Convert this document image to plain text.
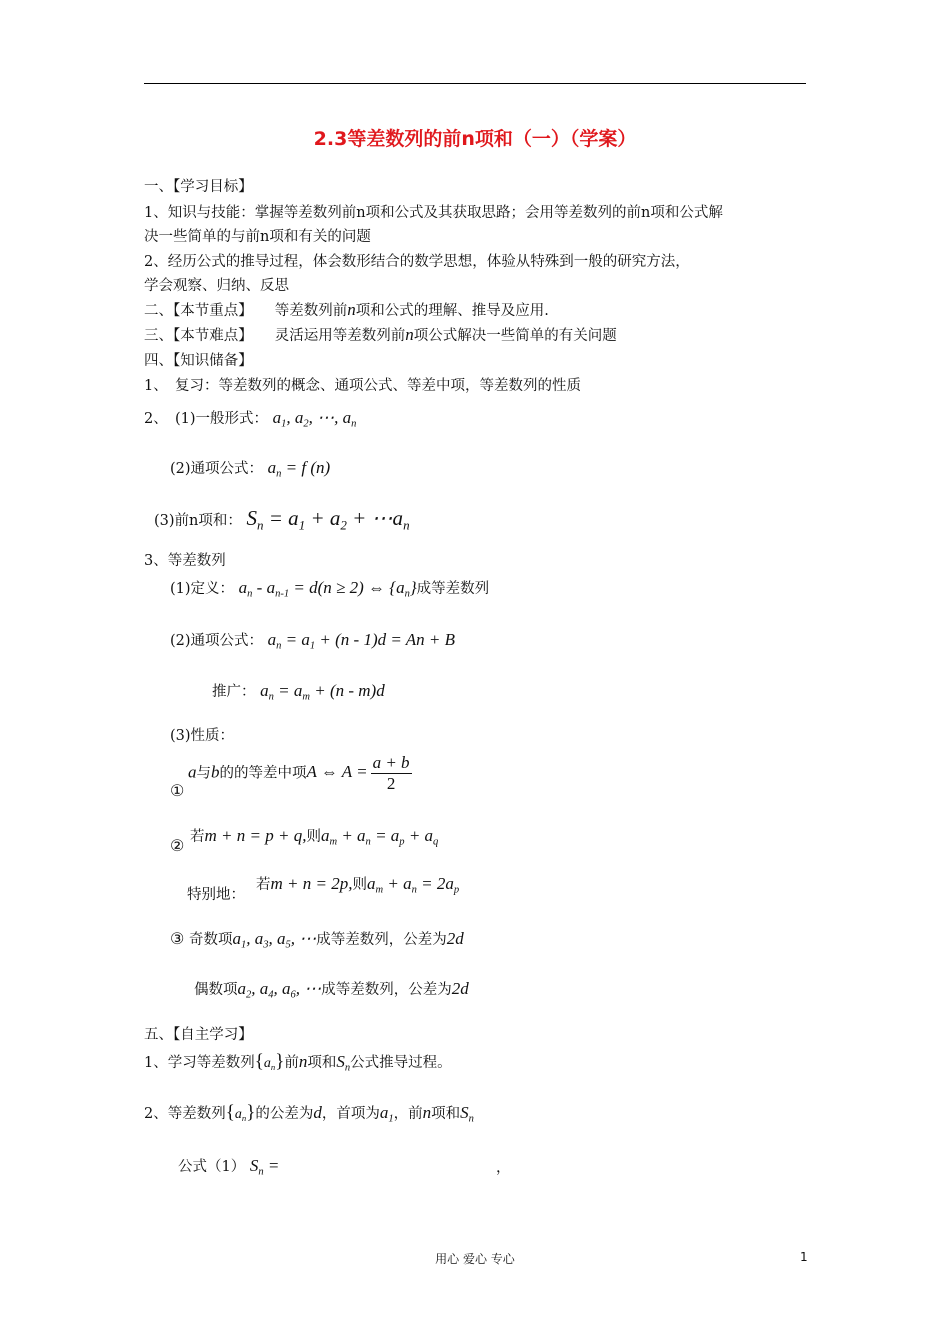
2.3等差数列的前n项和（一）（学案）
一、【学习目标】
1、知识与技能：掌握等差数列前n项和公式及其获取思路；会用等差数列的前n项和公式解
决一些简单的与前n项和有关的问题
2、经历公式的推导过程，体会数形结合的数学思想，体验从特殊到一般的研究方法，
学会观察、归纳、反思
二、【本节重点】 等差数列前n项和公式的理解、推导及应用.
三、【本节难点】 灵活运用等差数列前n项公式解决一些简单的有关问题
四、【知识储备】
1、　复习：等差数列的概念、通项公式、等差中项，等差数列的性质
2、　(1)一般形式： $a_1$, $a_2$, ⋯, $a_n$
(2)通项公式： $a_n = f$ (n)
(3)前n项和： $S_n = a_1 + a_2$ + $\cdots a_n$
3、等差数列
(1)定义： $a_n - a_{n-1} = d(n \ge 2)$ ⇔ $\{a_n\}$成等差数列
(2)通项公式： $a_n = a_1 + (n - 1)d = An + B$
推广： $a_n = a_m + (n - m)d$
(3)性质：
a与b的的等差中项A ⇔ $A = \frac{a + b}{2}$
①
若m + n = p + q,则$a_m + a_n = a_p + a_q$
②
特别地：
若m + n = 2p,则$a_m + a_n = 2a_p$
③ 奇数项$a_1$, $a_3$, $a_5$, ⋯成等差数列，公差为2d
偶数项$a_2$, $a_4$, $a_6$, ⋯成等差数列，公差为2d
五、【自主学习】
1、学习等差数列$\{a_n\}$前n项和$S_n$公式推导过程。
2、等差数列$\{a_n\}$的公差为d，首项为$a_1$，前n项和$S_n$
公式（1） $S_n$ =	，
用心 爱心 专心	1
